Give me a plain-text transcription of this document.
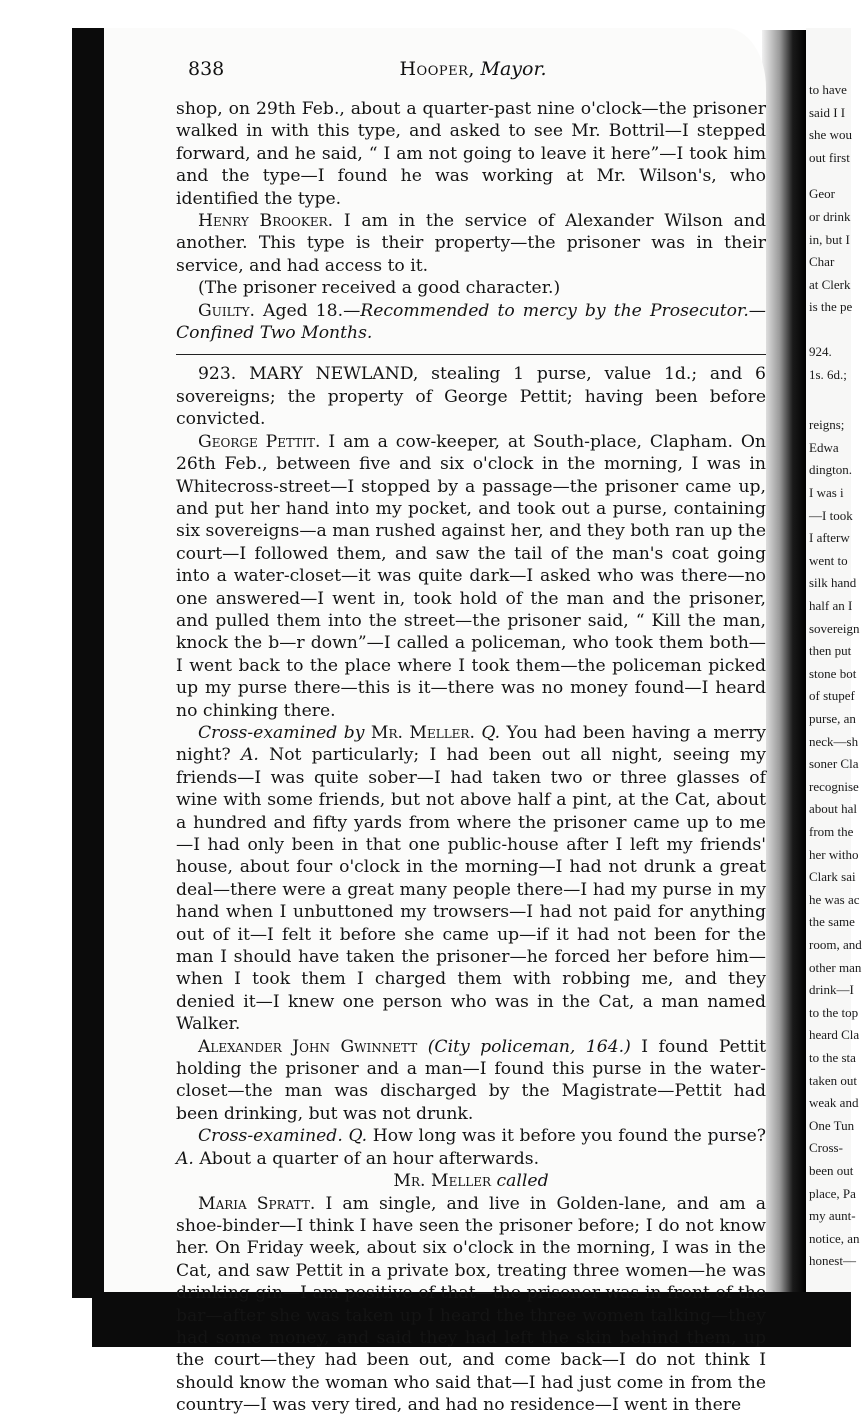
838	Hooper, Mayor.

shop, on 29th Feb., about a quarter-past nine o'clock—the prisoner walked in with this type, and asked to see Mr. Bottril—I stepped forward, and he said, “ I am not going to leave it here”—I took him and the type—I found he was working at Mr. Wilson's, who identified the type.

Henry Brooker. I am in the service of Alexander Wilson and another. This type is their property—the prisoner was in their service, and had access to it.

(The prisoner received a good character.)

Guilty. Aged 18.—Recommended to mercy by the Prosecutor.—Confined Two Months.

923. MARY NEWLAND, stealing 1 purse, value 1d.; and 6 sovereigns; the property of George Pettit; having been before convicted.

George Pettit. I am a cow-keeper, at South-place, Clapham. On 26th Feb., between five and six o'clock in the morning, I was in Whitecross-street—I stopped by a passage—the prisoner came up, and put her hand into my pocket, and took out a purse, containing six sovereigns—a man rushed against her, and they both ran up the court—I followed them, and saw the tail of the man's coat going into a water-closet—it was quite dark—I asked who was there—no one answered—I went in, took hold of the man and the prisoner, and pulled them into the street—the prisoner said, “ Kill the man, knock the b—r down”—I called a policeman, who took them both—I went back to the place where I took them—the policeman picked up my purse there—this is it—there was no money found—I heard no chinking there.

Cross-examined by Mr. Meller. Q. You had been having a merry night? A. Not particularly; I had been out all night, seeing my friends—I was quite sober—I had taken two or three glasses of wine with some friends, but not above half a pint, at the Cat, about a hundred and fifty yards from where the prisoner came up to me—I had only been in that one public-house after I left my friends' house, about four o'clock in the morning—I had not drunk a great deal—there were a great many people there—I had my purse in my hand when I unbuttoned my trowsers—I had not paid for anything out of it—I felt it before she came up—if it had not been for the man I should have taken the prisoner—he forced her before him—when I took them I charged them with robbing me, and they denied it—I knew one person who was in the Cat, a man named Walker.

Alexander John Gwinnett (City policeman, 164.) I found Pettit holding the prisoner and a man—I found this purse in the water-closet—the man was discharged by the Magistrate—Pettit had been drinking, but was not drunk.

Cross-examined. Q. How long was it before you found the purse? A. About a quarter of an hour afterwards.

Mr. Meller called

Maria Spratt. I am single, and live in Golden-lane, and am a shoe-binder—I think I have seen the prisoner before; I do not know her. On Friday week, about six o'clock in the morning, I was in the Cat, and saw Pettit in a private box, treating three women—he was drinking gin—I am positive of that—the prisoner was in front of the bar—after she was taken up I heard the three women talking—they had some money, and said they had left the skin behind them, up the court—they had been out, and come back—I do not think I should know the woman who said that—I had just come in from the country—I was very tired, and had no residence—I went in there

to have
said I I
she wou
out first
Geor
or drink
in, but I
Char
at Clerk
is the pe
924.
1s. 6d.;
reigns;
Edwa
dington.
I was i
—I took
I afterw
went to
silk hand
half an I
sovereign
then put
stone bot
of stupef
purse, an
neck—sh
soner Cla
recognise
about hal
from the
her witho
Clark sai
he was ac
the same
room, and
other man
drink—I
to the top
heard Cla
to the sta
taken out
weak and
One Tun
Cross-
been out
place, Pa
my aunt-
notice, an
honest—
